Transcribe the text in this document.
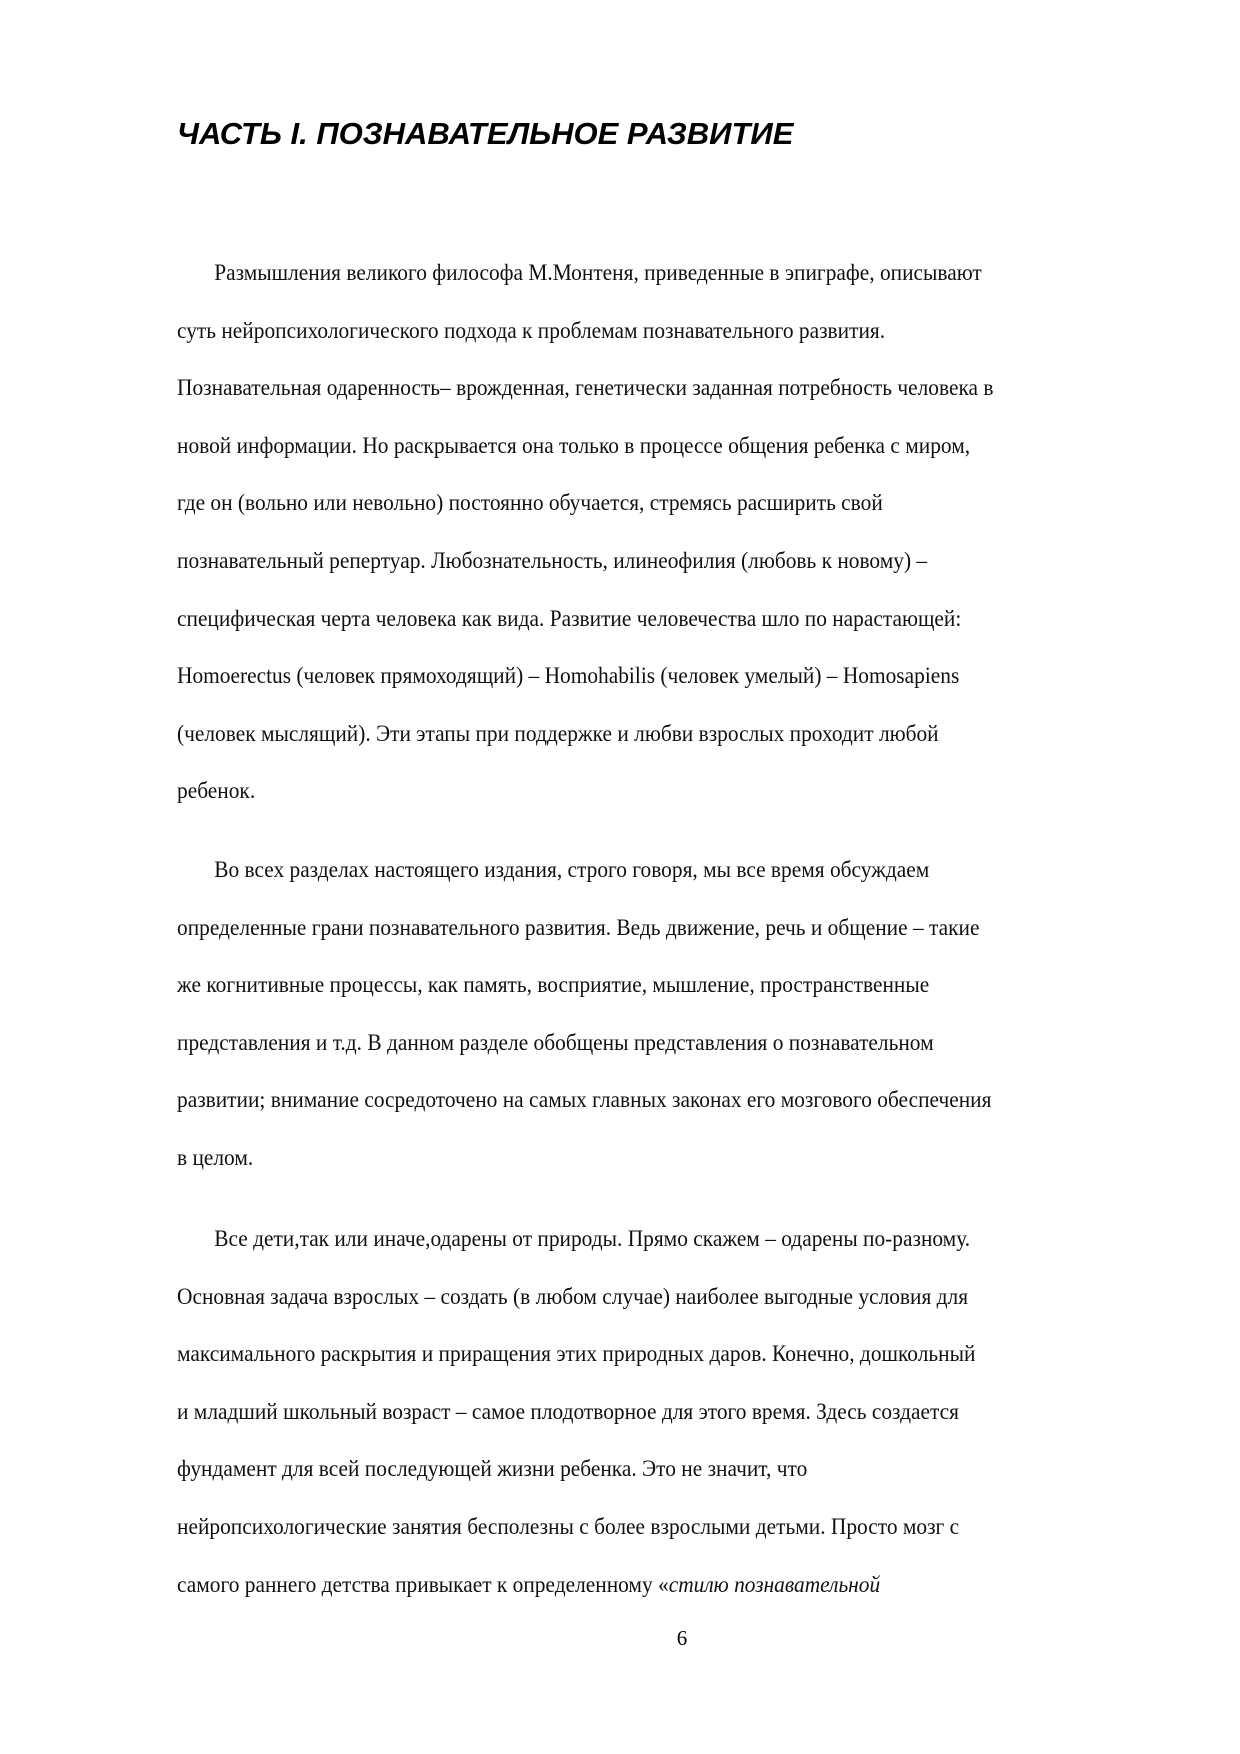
ЧАСТЬ I. ПОЗНАВАТЕЛЬНОЕ РАЗВИТИЕ
Размышления великого философа М.Монтеня, приведенные в эпиграфе, описывают
суть нейропсихологического подхода к проблемам познавательного развития.
Познавательная одаренность– врожденная, генетически заданная потребность человека в
новой информации. Но раскрывается она только в процессе общения ребенка с миром,
где он (вольно или невольно) постоянно обучается, стремясь расширить свой
познавательный репертуар. Любознательность, илинеофилия (любовь к новому) –
специфическая черта человека как вида. Развитие человечества шло по нарастающей:
Homoerectus (человек прямоходящий) – Homohabilis (человек умелый) – Homosapiens
(человек мыслящий). Эти этапы при поддержке и любви взрослых проходит любой
ребенок.
Во всех разделах настоящего издания, строго говоря, мы все время обсуждаем
определенные грани познавательного развития. Ведь движение, речь и общение – такие
же когнитивные процессы, как память, восприятие, мышление, пространственные
представления и т.д. В данном разделе обобщены представления о познавательном
развитии; внимание сосредоточено на самых главных законах его мозгового обеспечения
в целом.
Все дети,так или иначе,одарены от природы. Прямо скажем – одарены по-разному.
Основная задача взрослых – создать (в любом случае) наиболее выгодные условия для
максимального раскрытия и приращения этих природных даров. Конечно, дошкольный
и младший школьный возраст – самое плодотворное для этого время. Здесь создается
фундамент для всей последующей жизни ребенка. Это не значит, что
нейропсихологические занятия бесполезны с более взрослыми детьми. Просто мозг с
самого раннего детства привыкает к определенному «стилю познавательной
6
